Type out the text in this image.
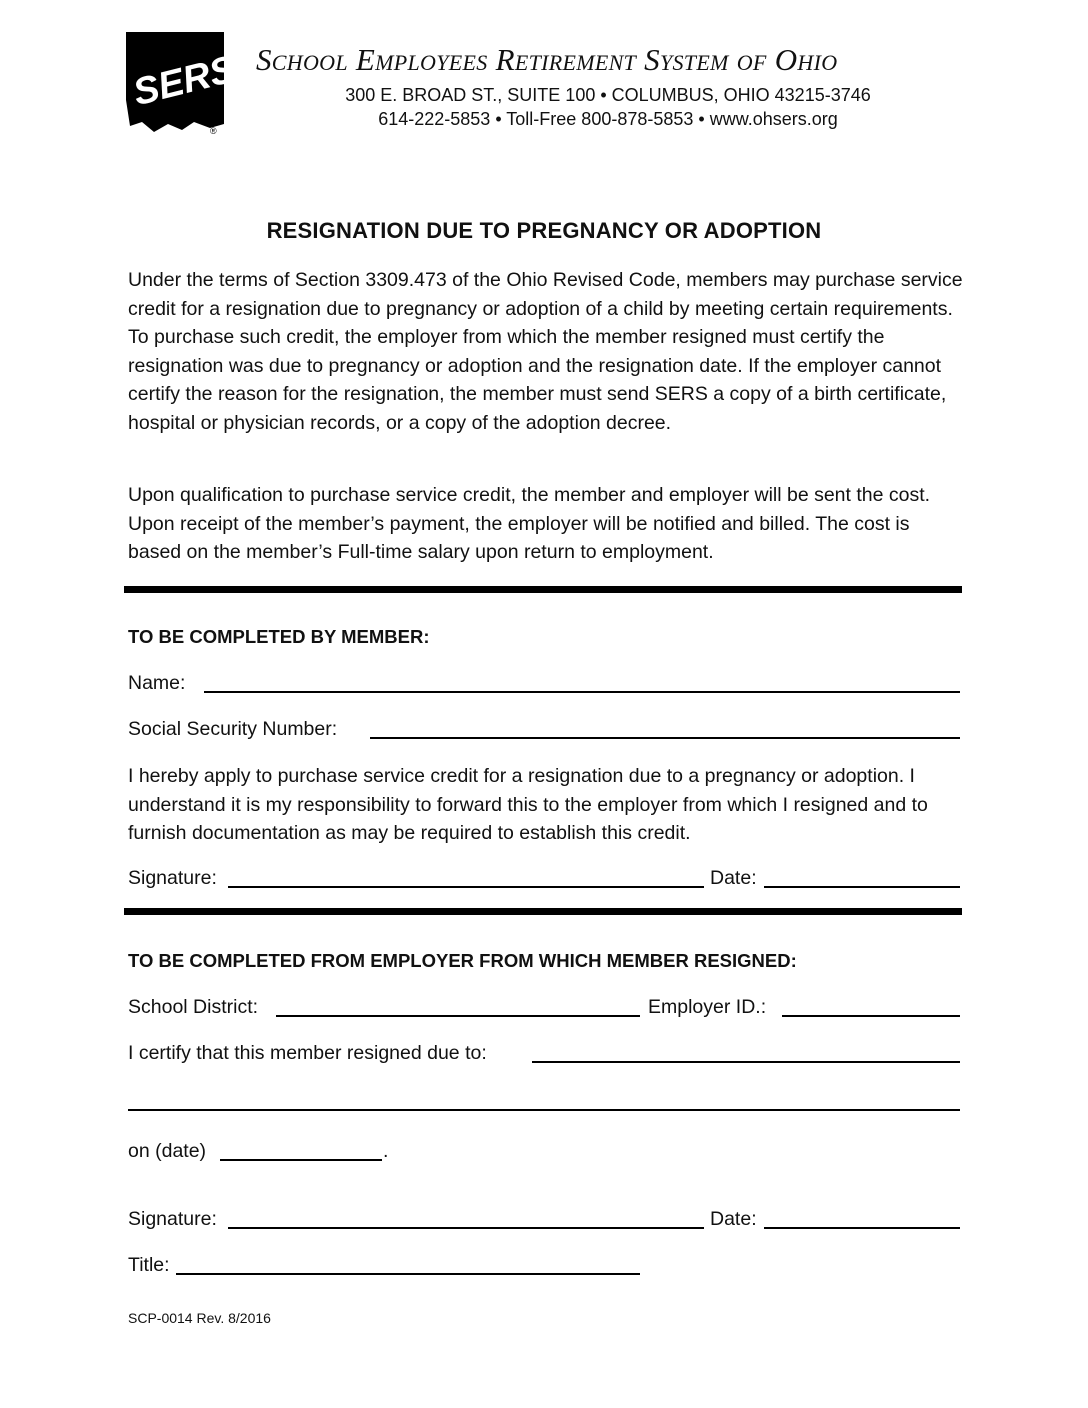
SERS
®
School Employees Retirement System of Ohio
300 E. BROAD ST., SUITE 100 • COLUMBUS, OHIO 43215-3746
614-222-5853 • Toll-Free 800-878-5853 • www.ohsers.org
RESIGNATION DUE TO PREGNANCY OR ADOPTION
Under the terms of Section 3309.473 of the Ohio Revised Code, members may purchase service credit for a resignation due to pregnancy or adoption of a child by meeting certain requirements. To purchase such credit, the employer from which the member resigned must certify the resignation was due to pregnancy or adoption and the resignation date. If the employer cannot certify the reason for the resignation, the member must send SERS a copy of a birth certificate, hospital or physician records, or a copy of the adoption decree.
Upon qualification to purchase service credit, the member and employer will be sent the cost. Upon receipt of the member’s payment, the employer will be notified and billed. The cost is based on the member’s Full-time salary upon return to employment.
TO BE COMPLETED BY MEMBER:
Name:
Social Security Number:
I hereby apply to purchase service credit for a resignation due to a pregnancy or adoption. I understand it is my responsibility to forward this to the employer from which I resigned and to furnish documentation as may be required to establish this credit.
Signature:	Date:
TO BE COMPLETED FROM EMPLOYER FROM WHICH MEMBER RESIGNED:
School District:	Employer ID.:
I certify that this member resigned due to:
on (date)	.
Signature:	Date:
Title:
SCP-0014 Rev. 8/2016
